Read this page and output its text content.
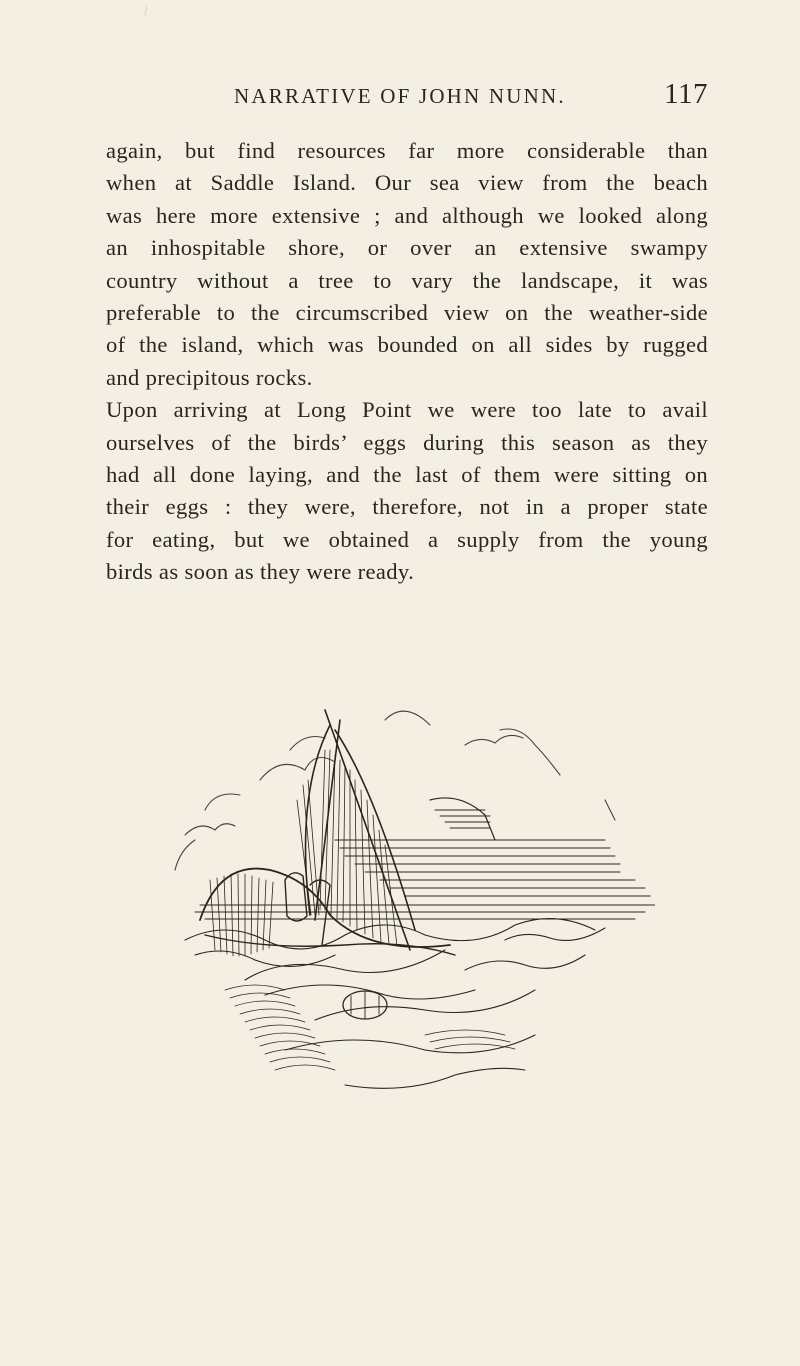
NARRATIVE OF JOHN NUNN.	117
again, but find resources far more considerable than
when at Saddle Island. Our sea view from the beach
was here more extensive ; and although we looked along
an inhospitable shore, or over an extensive swampy
country without a tree to vary the landscape, it was
preferable to the circumscribed view on the weather-side
of the island, which was bounded on all sides by rugged
and precipitous rocks.
Upon arriving at Long Point we were too late to avail
ourselves of the birds’ eggs during this season as they
had all done laying, and the last of them were sitting on
their eggs : they were, therefore, not in a proper state
for eating, but we obtained a supply from the young
birds as soon as they were ready.
